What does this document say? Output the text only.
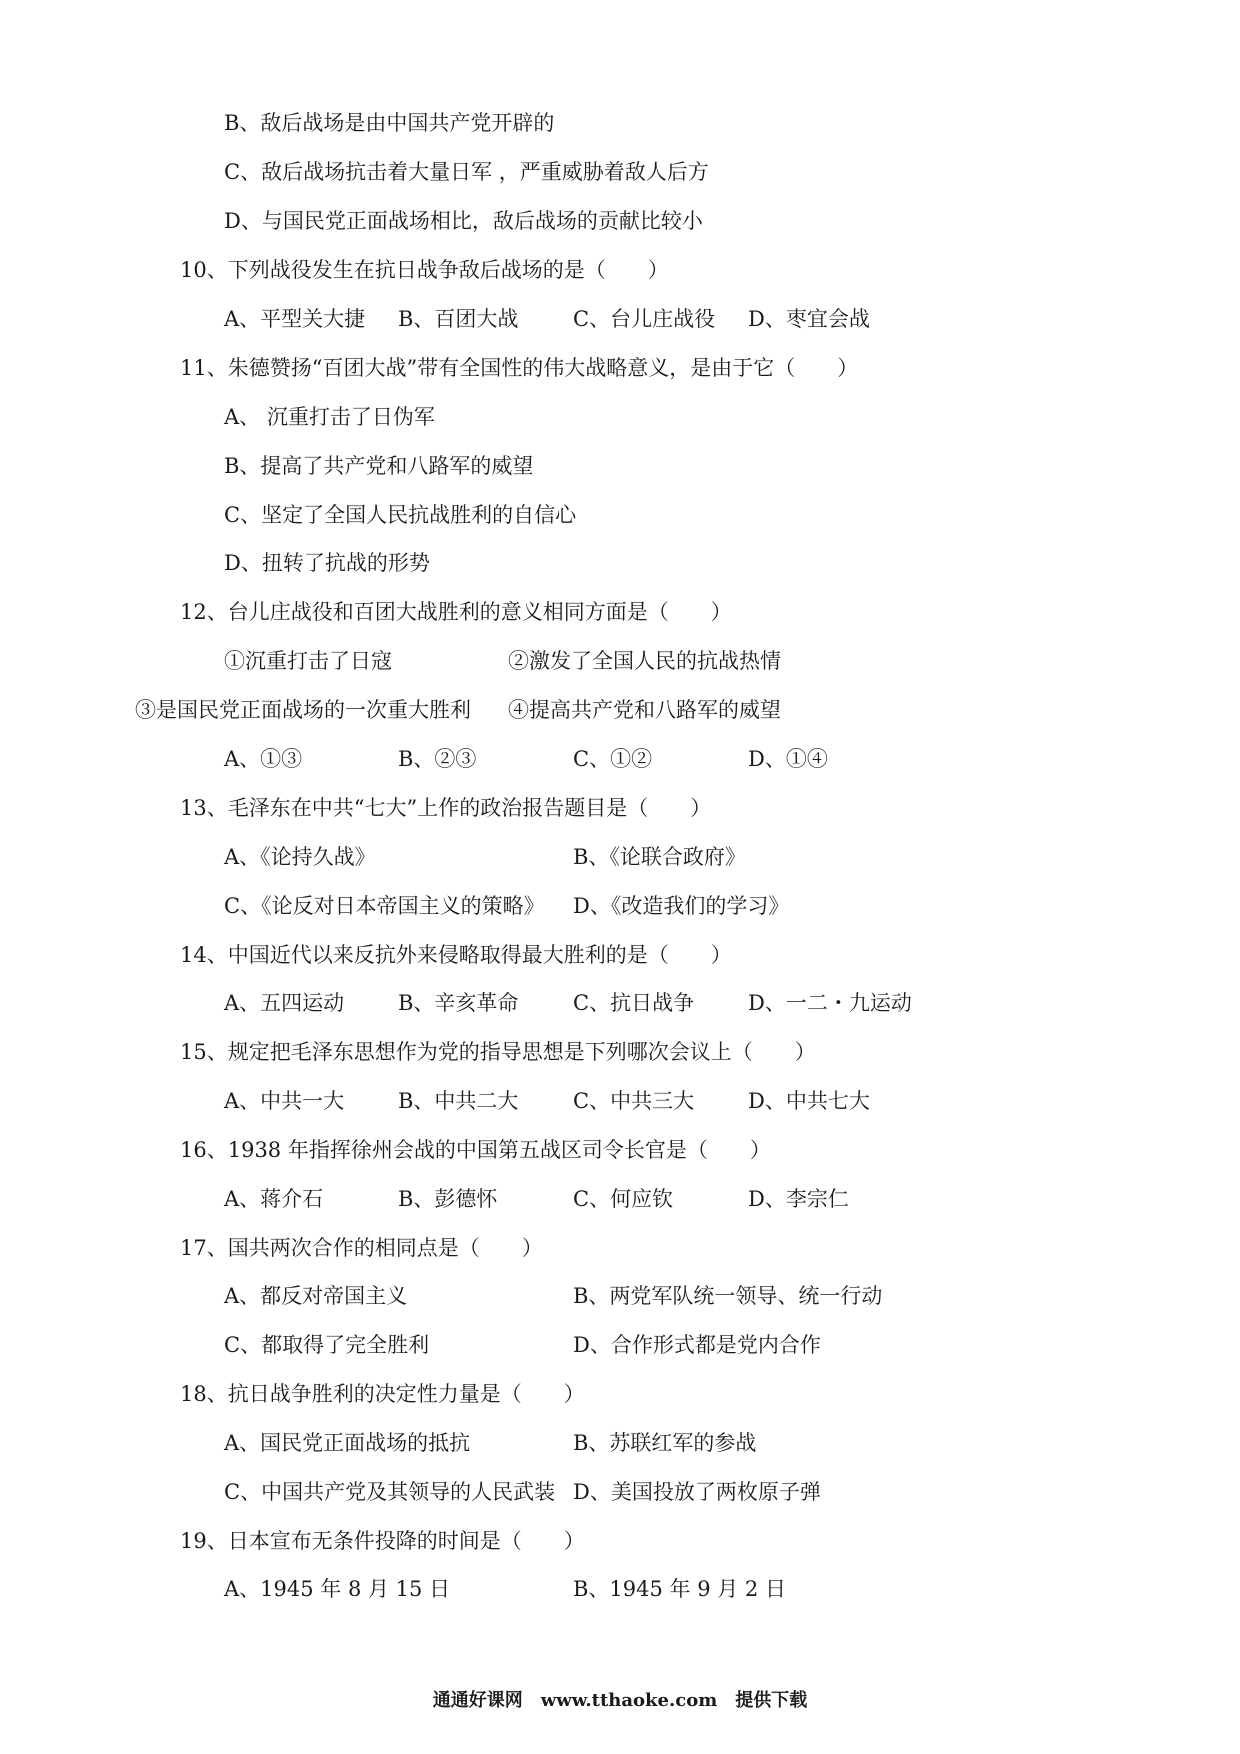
B、敌后战场是由中国共产党开辟的
C、敌后战场抗击着大量日军 ，严重威胁着敌人后方
D、与国民党正面战场相比，敌后战场的贡献比较小
10、下列战役发生在抗日战争敌后战场的是（　　）
A、平型关大捷 B、百团大战	C、台儿庄战役 D、枣宜会战
11、朱德赞扬“百团大战”带有全国性的伟大战略意义，是由于它（　　）
A、 沉重打击了日伪军
B、提高了共产党和八路军的威望
C、坚定了全国人民抗战胜利的自信心
D、扭转了抗战的形势
12、台儿庄战役和百团大战胜利的意义相同方面是（　　）
①沉重打击了日寇	②激发了全国人民的抗战热情
③是国民党正面战场的一次重大胜利 ④提高共产党和八路军的威望
A、①③	B、②③	C、①②	D、①④
13、毛泽东在中共“七大”上作的政治报告题目是（　　）
A、《论持久战》	B、《论联合政府》
C、《论反对日本帝国主义的策略》 D、《改造我们的学习》
14、中国近代以来反抗外来侵略取得最大胜利的是（　　）
A、五四运动	B、辛亥革命	C、抗日战争	D、一二・九运动
15、规定把毛泽东思想作为党的指导思想是下列哪次会议上（　　）
A、中共一大	B、中共二大	C、中共三大	D、中共七大
16、1938 年指挥徐州会战的中国第五战区司令长官是（　　）
A、蒋介石	B、彭德怀	C、何应钦	D、李宗仁
17、国共两次合作的相同点是（　　）
A、都反对帝国主义	B、两党军队统一领导、统一行动
C、都取得了完全胜利	D、合作形式都是党内合作
18、抗日战争胜利的决定性力量是（　　）
A、国民党正面战场的抵抗	B、苏联红军的参战
C、中国共产党及其领导的人民武装 D、美国投放了两枚原子弹
19、日本宣布无条件投降的时间是（　　）
A、1945 年 8 月 15 日	B、1945 年 9 月 2 日
通通好课网　www.tthaoke.com　提供下载
